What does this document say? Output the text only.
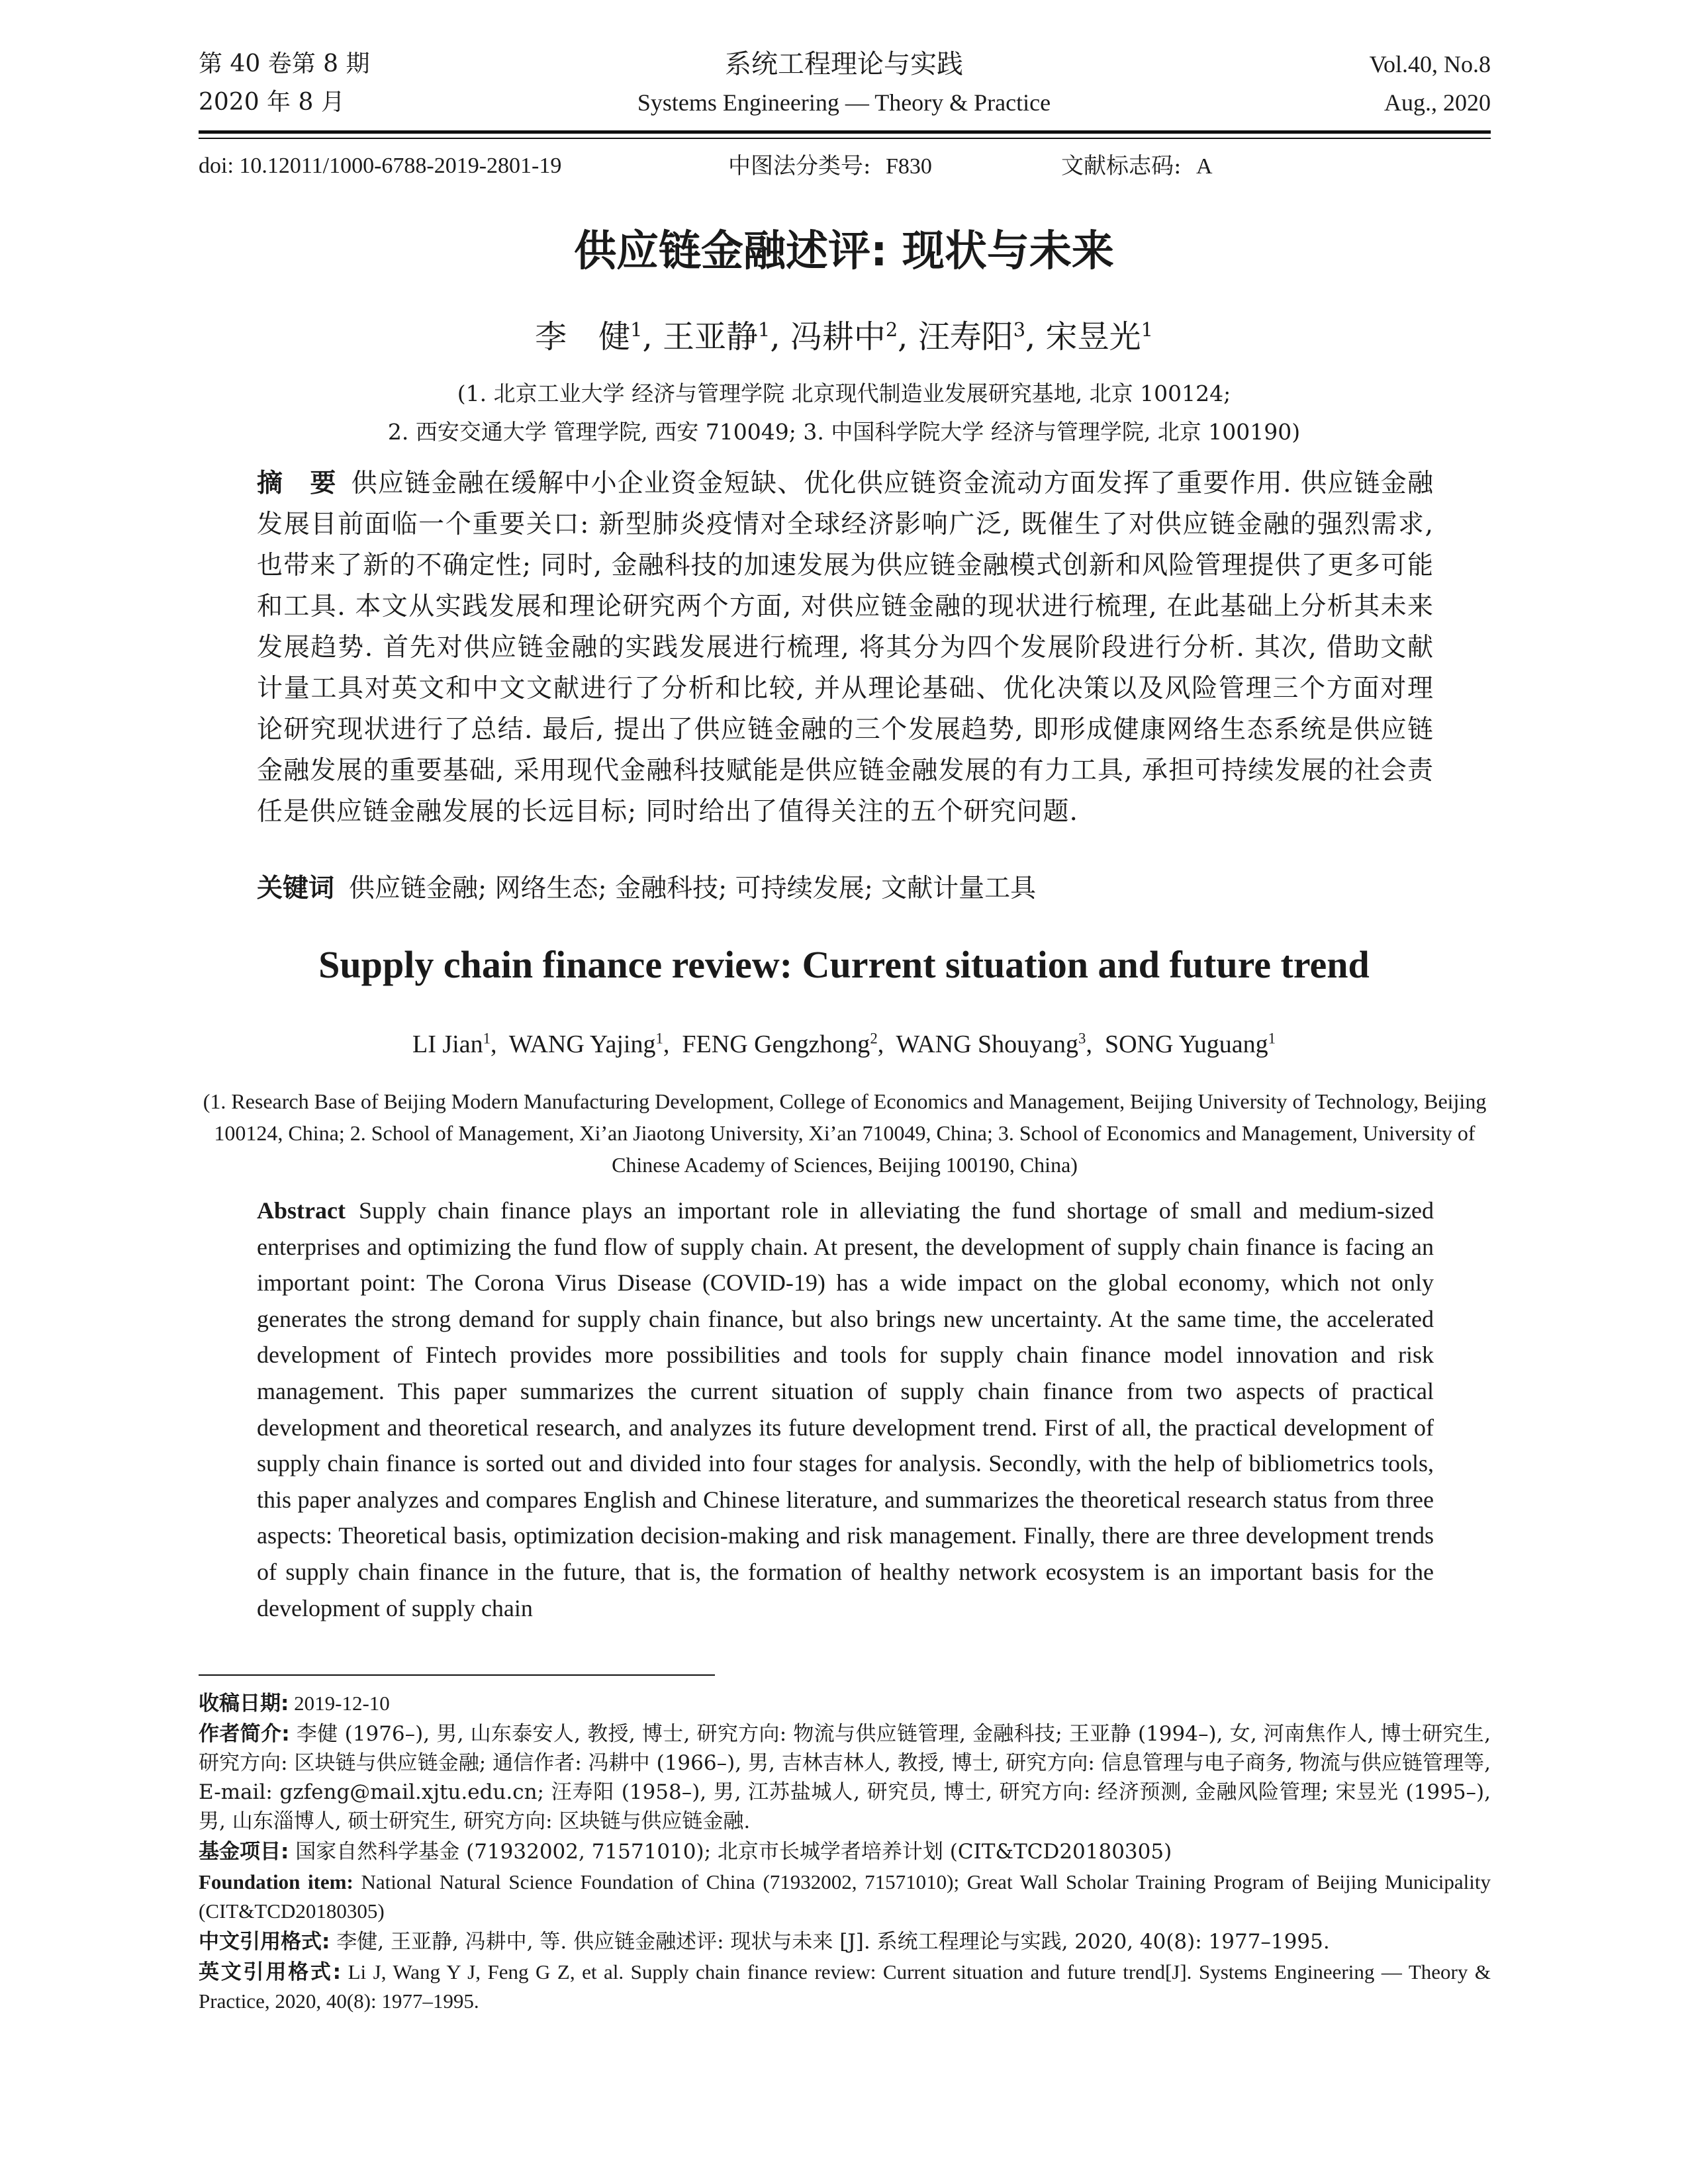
第 40 卷第 8 期
2020 年 8 月
系统工程理论与实践
Systems Engineering — Theory & Practice
Vol.40, No.8
Aug., 2020
doi: 10.12011/1000-6788-2019-2801-19	中图法分类号: F830	文献标志码: A
供应链金融述评: 现状与未来
李　健$^1$, 王亚静$^1$, 冯耕中$^2$, 汪寿阳$^3$, 宋昱光$^1$
(1. 北京工业大学 经济与管理学院 北京现代制造业发展研究基地, 北京 100124;
2. 西安交通大学 管理学院, 西安 710049; 3. 中国科学院大学 经济与管理学院, 北京 100190)
摘　要 供应链金融在缓解中小企业资金短缺、优化供应链资金流动方面发挥了重要作用. 供应链金融发展目前面临一个重要关口: 新型肺炎疫情对全球经济影响广泛, 既催生了对供应链金融的强烈需求, 也带来了新的不确定性; 同时, 金融科技的加速发展为供应链金融模式创新和风险管理提供了更多可能和工具. 本文从实践发展和理论研究两个方面, 对供应链金融的现状进行梳理, 在此基础上分析其未来发展趋势. 首先对供应链金融的实践发展进行梳理, 将其分为四个发展阶段进行分析. 其次, 借助文献计量工具对英文和中文文献进行了分析和比较, 并从理论基础、优化决策以及风险管理三个方面对理论研究现状进行了总结. 最后, 提出了供应链金融的三个发展趋势, 即形成健康网络生态系统是供应链金融发展的重要基础, 采用现代金融科技赋能是供应链金融发展的有力工具, 承担可持续发展的社会责任是供应链金融发展的长远目标; 同时给出了值得关注的五个研究问题.
关键词 供应链金融; 网络生态; 金融科技; 可持续发展; 文献计量工具
Supply chain finance review: Current situation and future trend
LI Jian$^1$,  WANG Yajing$^1$,  FENG Gengzhong$^2$,  WANG Shouyang$^3$,  SONG Yuguang$^1$
(1. Research Base of Beijing Modern Manufacturing Development, College of Economics and Management, Beijing University of Technology, Beijing 100124, China; 2. School of Management, Xi’an Jiaotong University, Xi’an 710049, China; 3. School of Economics and Management, University of Chinese Academy of Sciences, Beijing 100190, China)
Abstract Supply chain finance plays an important role in alleviating the fund shortage of small and medium-sized enterprises and optimizing the fund flow of supply chain. At present, the development of supply chain finance is facing an important point: The Corona Virus Disease (COVID-19) has a wide impact on the global economy, which not only generates the strong demand for supply chain finance, but also brings new uncertainty. At the same time, the accelerated development of Fintech provides more possibilities and tools for supply chain finance model innovation and risk management. This paper summarizes the current situation of supply chain finance from two aspects of practical development and theoretical research, and analyzes its future development trend. First of all, the practical development of supply chain finance is sorted out and divided into four stages for analysis. Secondly, with the help of bibliometrics tools, this paper analyzes and compares English and Chinese literature, and summarizes the theoretical research status from three aspects: Theoretical basis, optimization decision-making and risk management. Finally, there are three development trends of supply chain finance in the future, that is, the formation of healthy network ecosystem is an important basis for the development of supply chain
收稿日期: 2019-12-10
作者简介: 李健 (1976–), 男, 山东泰安人, 教授, 博士, 研究方向: 物流与供应链管理, 金融科技; 王亚静 (1994–), 女, 河南焦作人, 博士研究生, 研究方向: 区块链与供应链金融; 通信作者: 冯耕中 (1966–), 男, 吉林吉林人, 教授, 博士, 研究方向: 信息管理与电子商务, 物流与供应链管理等, E-mail: gzfeng@mail.xjtu.edu.cn; 汪寿阳 (1958–), 男, 江苏盐城人, 研究员, 博士, 研究方向: 经济预测, 金融风险管理; 宋昱光 (1995–), 男, 山东淄博人, 硕士研究生, 研究方向: 区块链与供应链金融.
基金项目: 国家自然科学基金 (71932002, 71571010); 北京市长城学者培养计划 (CIT&TCD20180305)
Foundation item: National Natural Science Foundation of China (71932002, 71571010); Great Wall Scholar Training Program of Beijing Municipality (CIT&TCD20180305)
中文引用格式: 李健, 王亚静, 冯耕中, 等. 供应链金融述评: 现状与未来 [J]. 系统工程理论与实践, 2020, 40(8): 1977–1995.
英文引用格式: Li J, Wang Y J, Feng G Z, et al. Supply chain finance review: Current situation and future trend[J]. Systems Engineering — Theory & Practice, 2020, 40(8): 1977–1995.
